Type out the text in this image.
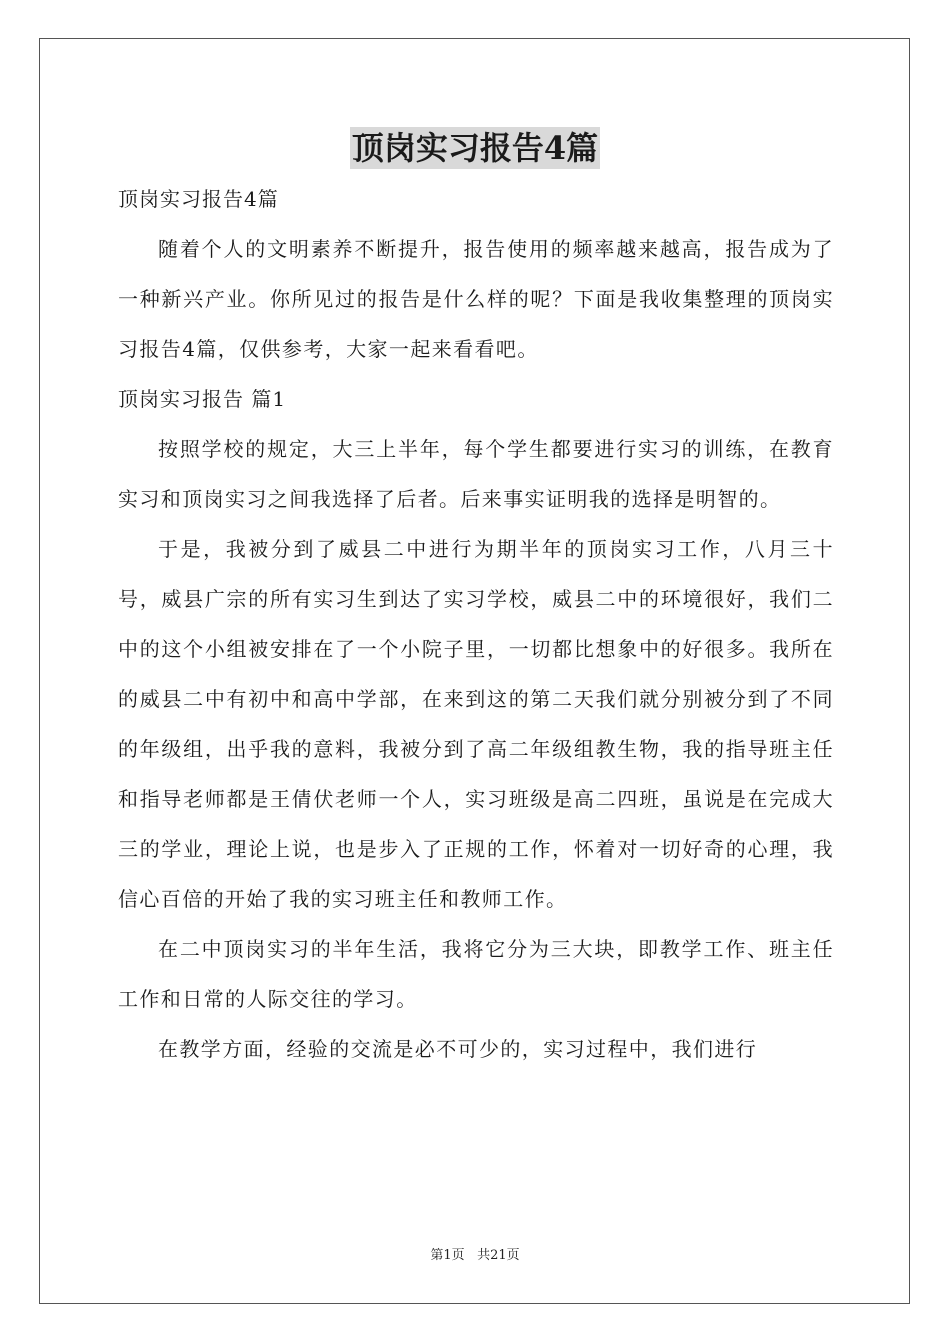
顶岗实习报告4篇

顶岗实习报告4篇

随着个人的文明素养不断提升，报告使用的频率越来越高，报告成为了一种新兴产业。你所见过的报告是什么样的呢？下面是我收集整理的顶岗实习报告4篇，仅供参考，大家一起来看看吧。

顶岗实习报告 篇1

按照学校的规定，大三上半年，每个学生都要进行实习的训练，在教育实习和顶岗实习之间我选择了后者。后来事实证明我的选择是明智的。

于是，我被分到了威县二中进行为期半年的顶岗实习工作，八月三十号，威县广宗的所有实习生到达了实习学校，威县二中的环境很好，我们二中的这个小组被安排在了一个小院子里，一切都比想象中的好很多。我所在的威县二中有初中和高中学部，在来到这的第二天我们就分别被分到了不同的年级组，出乎我的意料，我被分到了高二年级组教生物，我的指导班主任和指导老师都是王倩伏老师一个人，实习班级是高二四班，虽说是在完成大三的学业，理论上说，也是步入了正规的工作，怀着对一切好奇的心理，我信心百倍的开始了我的实习班主任和教师工作。

在二中顶岗实习的半年生活，我将它分为三大块，即教学工作、班主任工作和日常的人际交往的学习。

在教学方面，经验的交流是必不可少的，实习过程中，我们进行

第1页 共21页
